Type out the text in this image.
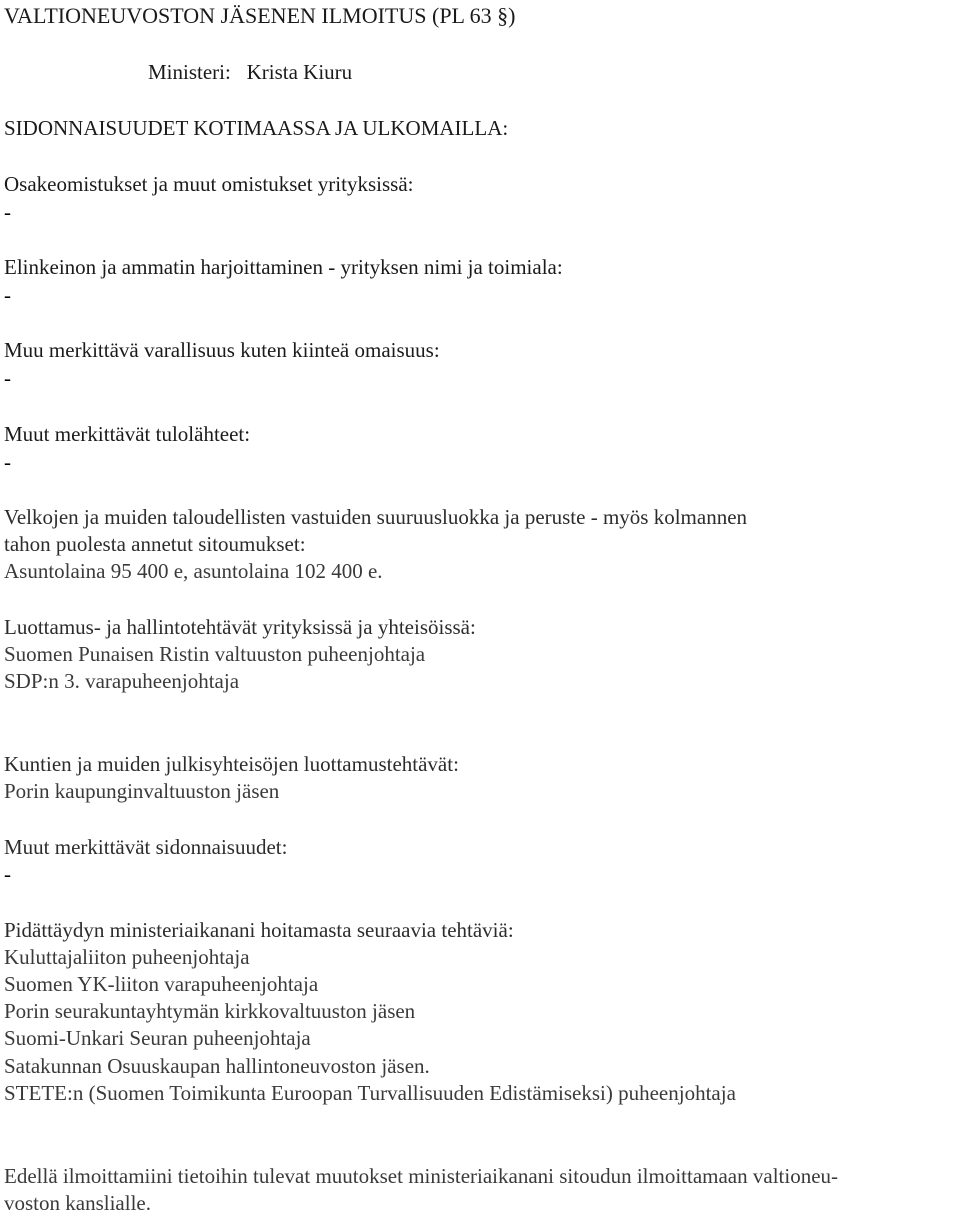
VALTIONEUVOSTON JÄSENEN ILMOITUS (PL 63 §)
Ministeri: Krista Kiuru
SIDONNAISUUDET KOTIMAASSA JA ULKOMAILLA:
Osakeomistukset ja muut omistukset yrityksissä:
-
Elinkeinon ja ammatin harjoittaminen - yrityksen nimi ja toimiala:
-
Muu merkittävä varallisuus kuten kiinteä omaisuus:
-
Muut merkittävät tulolähteet:
-
Velkojen ja muiden taloudellisten vastuiden suuruusluokka ja peruste - myös kolmannen
tahon puolesta annetut sitoumukset:
Asuntolaina 95 400 e, asuntolaina 102 400 e.
Luottamus- ja hallintotehtävät yrityksissä ja yhteisöissä:
Suomen Punaisen Ristin valtuuston puheenjohtaja
SDP:n 3. varapuheenjohtaja
Kuntien ja muiden julkisyhteisöjen luottamustehtävät:
Porin kaupunginvaltuuston jäsen
Muut merkittävät sidonnaisuudet:
-
Pidättäydyn ministeriaikanani hoitamasta seuraavia tehtäviä:
Kuluttajaliiton puheenjohtaja
Suomen YK-liiton varapuheenjohtaja
Porin seurakuntayhtymän kirkkovaltuuston jäsen
Suomi-Unkari Seuran puheenjohtaja
Satakunnan Osuuskaupan hallintoneuvoston jäsen.
STETE:n (Suomen Toimikunta Euroopan Turvallisuuden Edistämiseksi) puheenjohtaja
Edellä ilmoittamiini tietoihin tulevat muutokset ministeriaikanani sitoudun ilmoittamaan valtioneu-
voston kanslialle.
